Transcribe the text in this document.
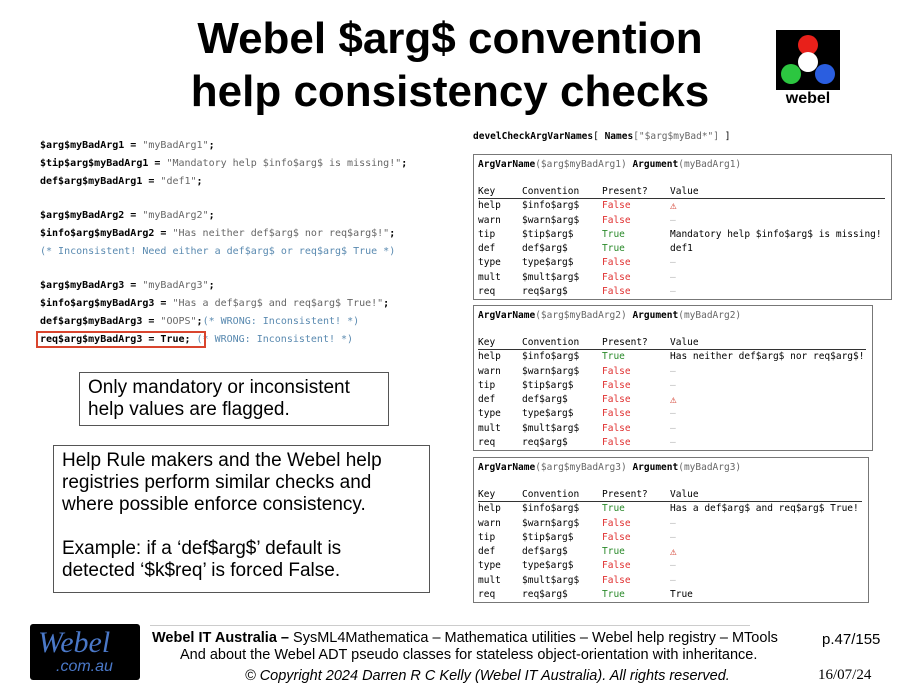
Webel $arg$ convention
help consistency checks	webel

$arg$myBadArg1 = "myBadArg1";

$tip$arg$myBadArg1 = "Mandatory help $info$arg$ is missing!";

def$arg$myBadArg1 = "def1";

$arg$myBadArg2 = "myBadArg2";

$info$arg$myBadArg2 = "Has neither def$arg$ nor req$arg$!";

(* Inconsistent! Need either a def$arg$ or req$arg$ True *)

$arg$myBadArg3 = "myBadArg3";

$info$arg$myBadArg3 = "Has a def$arg$ and req$arg$ True!";

def$arg$myBadArg3 = "OOPS";(* WRONG: Inconsistent! *)

req$arg$myBadArg3 = True; (* WRONG: Inconsistent! *)

Only mandatory or inconsistent
help values are flagged.
Help Rule makers and the Webel help
registries perform similar checks and
where possible enforce consistency.
Example: if a ‘def$arg$’ default is
detected ‘$k$req’ is forced False.
develCheckArgVarNames[ Names["$arg$myBad*"] ]
ArgVarName($arg$myBadArg1) Argument(myBadArg1)
Key	Convention Present? Value
help $info$arg$ False	⚠
warn $warn$arg$ False	–
tip	$tip$arg$	True	Mandatory help $info$arg$ is missing!
def	def$arg$	True	def1
type type$arg$	False	–
mult $mult$arg$ False	–
req	req$arg$	False	–
ArgVarName($arg$myBadArg2) Argument(myBadArg2)
Key	Convention Present? Value
help $info$arg$ True	Has neither def$arg$ nor req$arg$!
warn $warn$arg$ False	–
tip	$tip$arg$	False	–
def	def$arg$	False	⚠
type type$arg$	False	–
mult $mult$arg$ False	–
req	req$arg$	False	–
ArgVarName($arg$myBadArg3) Argument(myBadArg3)
Key	Convention Present? Value
help $info$arg$ True	Has a def$arg$ and req$arg$ True!
warn $warn$arg$ False	–
tip	$tip$arg$	False	–
def	def$arg$	True	⚠
type type$arg$	False	–
mult $mult$arg$ False	–
req	req$arg$	True	True
Webel
.com.au
Webel IT Australia – SysML4Mathematica – Mathematica utilities – Webel help registry – MTools
And about the Webel ADT pseudo classes for stateless object-orientation with inheritance.
© Copyright 2024 Darren R C Kelly (Webel IT Australia). All rights reserved.
p.47/155
16/07/24
